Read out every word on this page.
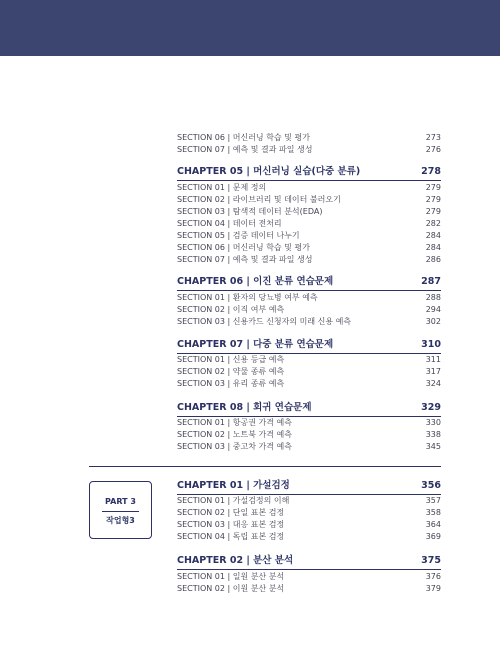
SECTION 06 | 머신러닝 학습 및 평가	273
SECTION 07 | 예측 및 결과 파일 생성	276
CHAPTER 05 | 머신러닝 실습(다중 분류)	278
SECTION 01 | 문제 정의	279
SECTION 02 | 라이브러리 및 데이터 불러오기	279
SECTION 03 | 탐색적 데이터 분석(EDA)	279
SECTION 04 | 데이터 전처리	282
SECTION 05 | 검증 데이터 나누기	284
SECTION 06 | 머신러닝 학습 및 평가	284
SECTION 07 | 예측 및 결과 파일 생성	286
CHAPTER 06 | 이진 분류 연습문제	287
SECTION 01 | 환자의 당뇨병 여부 예측	288
SECTION 02 | 이직 여부 예측	294
SECTION 03 | 신용카드 신청자의 미래 신용 예측	302
CHAPTER 07 | 다중 분류 연습문제	310
SECTION 01 | 신용 등급 예측	311
SECTION 02 | 약물 종류 예측	317
SECTION 03 | 유리 종류 예측	324
CHAPTER 08 | 회귀 연습문제	329
SECTION 01 | 항공권 가격 예측	330
SECTION 02 | 노트북 가격 예측	338
SECTION 03 | 중고차 가격 예측	345
CHAPTER 01 | 가설검정	356
SECTION 01 | 가설검정의 이해	357
SECTION 02 | 단일 표본 검정	358
SECTION 03 | 대응 표본 검정	364
SECTION 04 | 독립 표본 검정	369
CHAPTER 02 | 분산 분석	375
SECTION 01 | 일원 분산 분석	376
SECTION 02 | 이원 분산 분석	379
PART 3
작업형3
